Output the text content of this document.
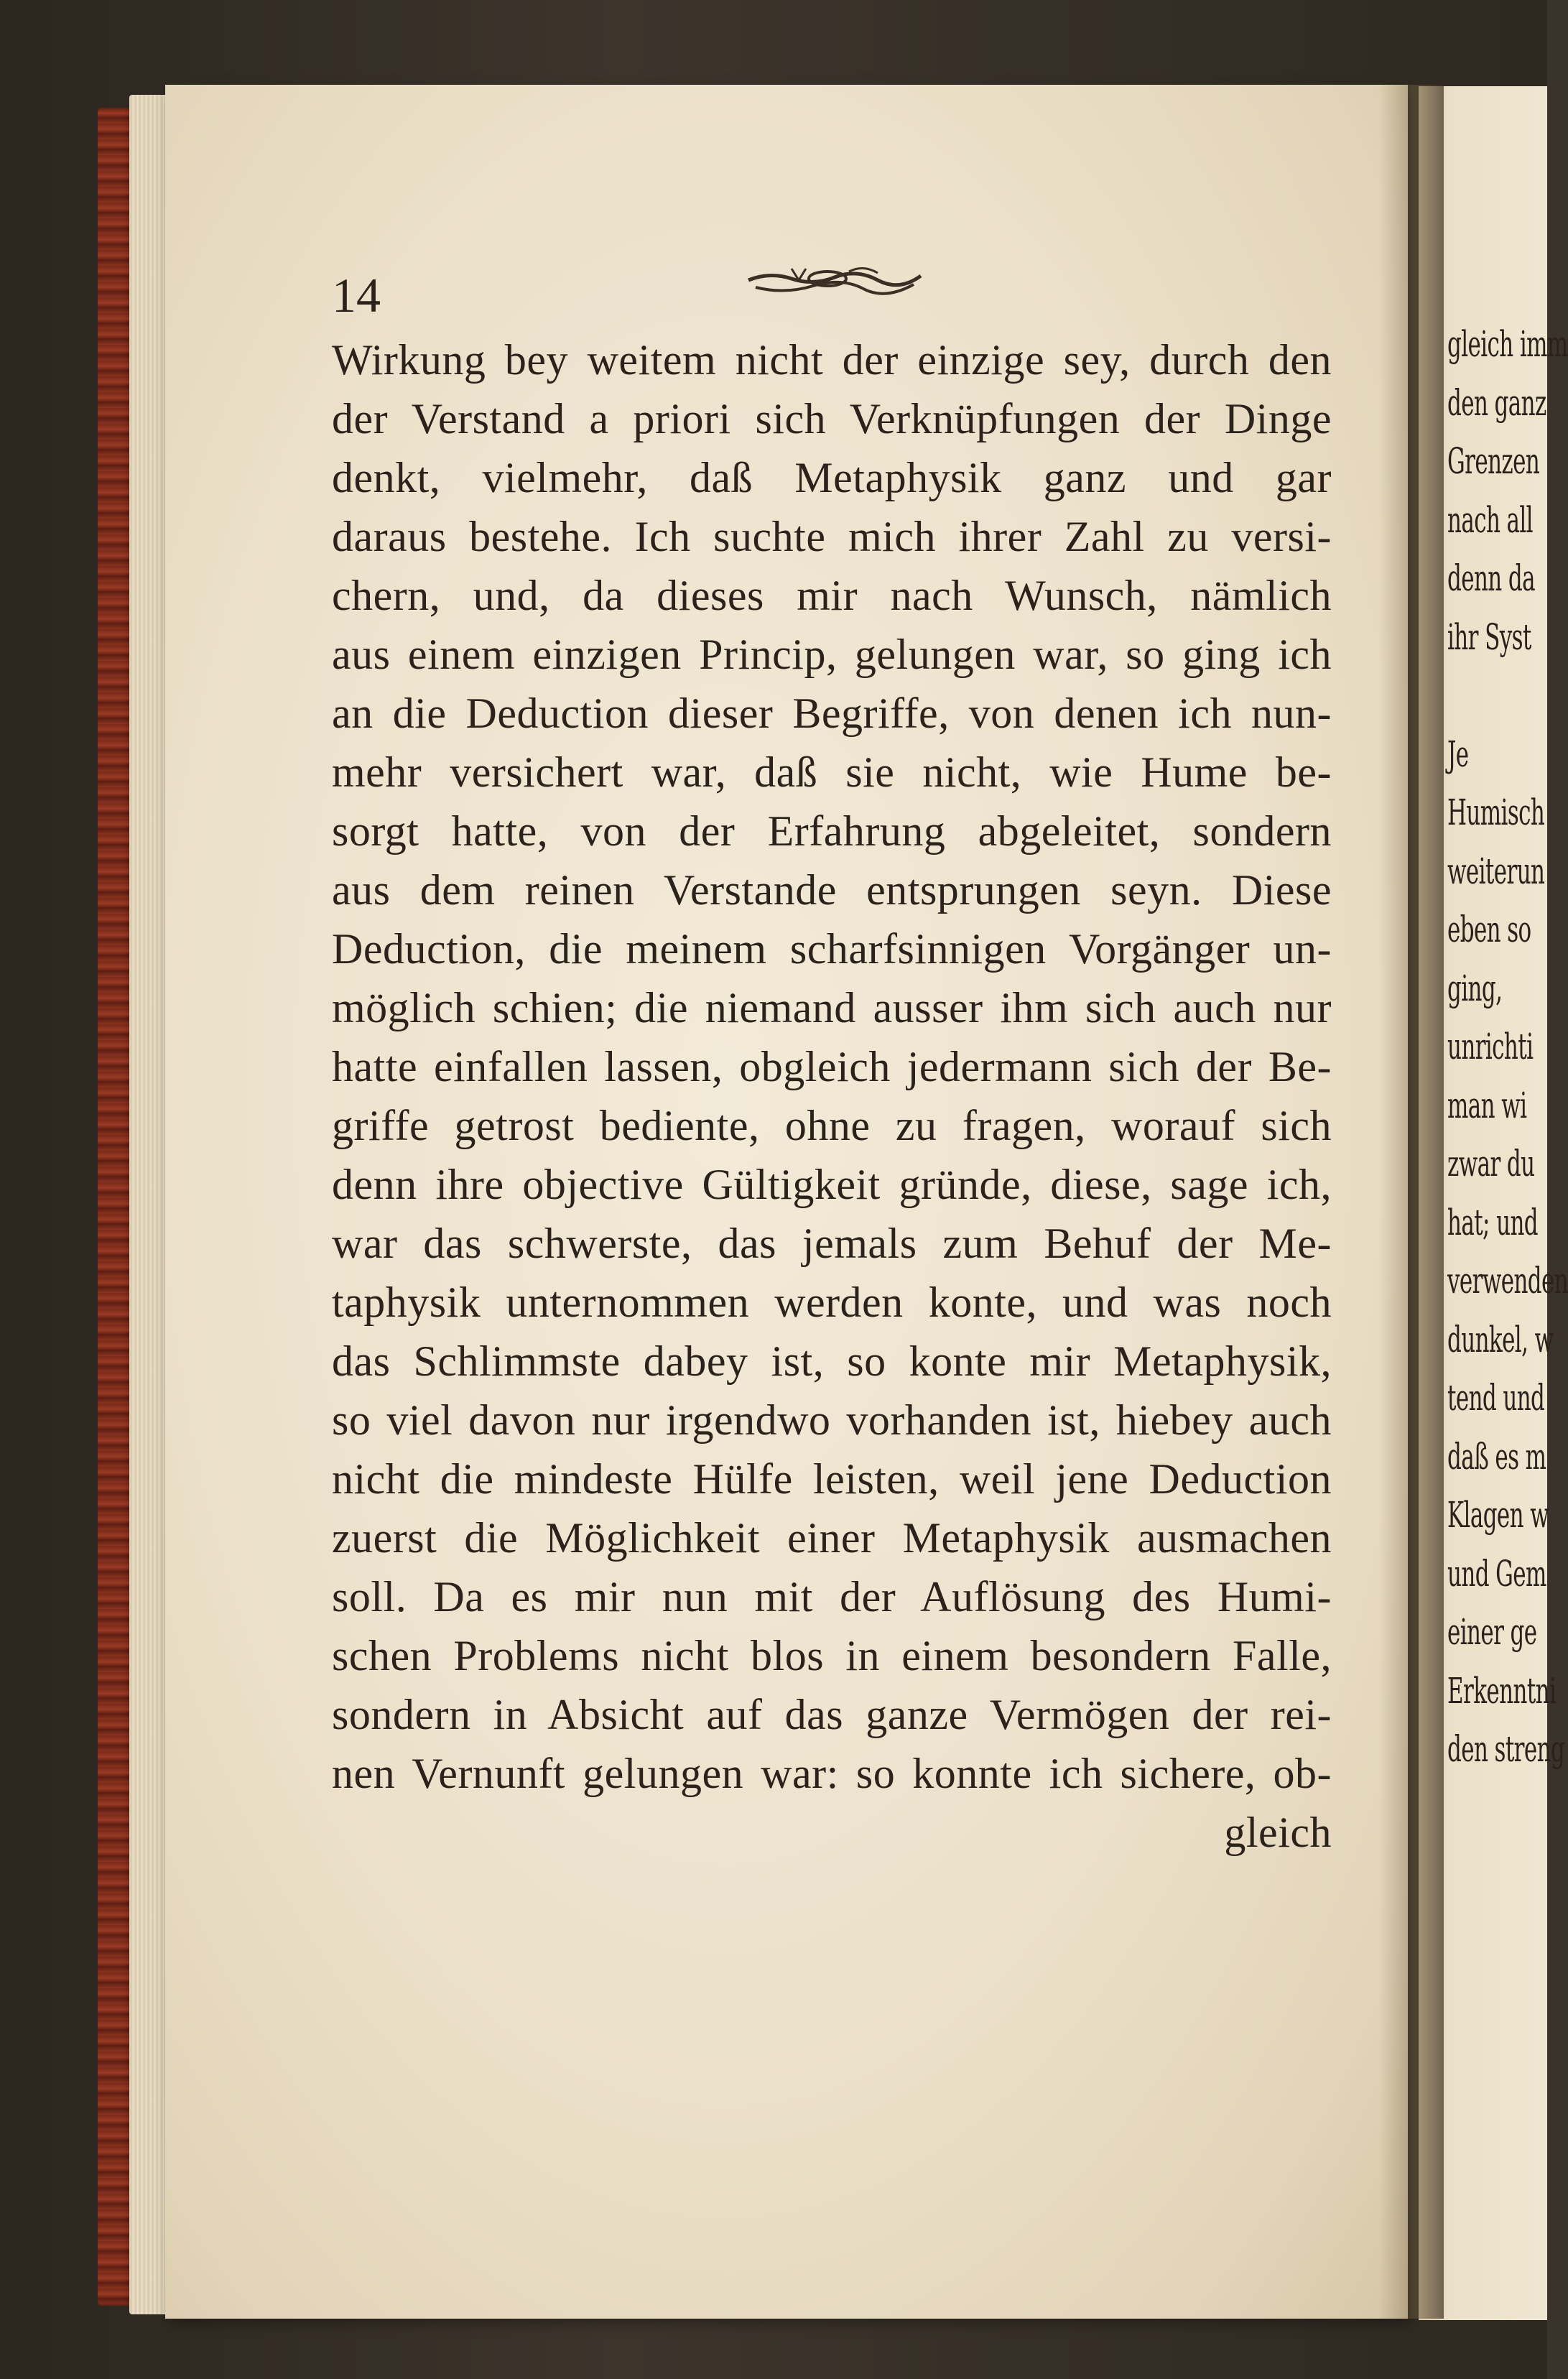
gleich imm
den ganz
Grenzen
nach all
denn da
ihr Syst
Je
Humisch
weiterun
eben so
ging,
unrichti
man wi
zwar du
hat; und
verwenden
dunkel, w
tend und
daß es m
Klagen w
und Gem
einer ge
Erkenntni
den streng
14
Wirkung bey weitem nicht der einzige sey, durch den
der Verstand a priori sich Verknüpfungen der Dinge
denkt, vielmehr, daß Metaphysik ganz und gar
daraus bestehe. Ich suchte mich ihrer Zahl zu versi-
chern, und, da dieses mir nach Wunsch, nämlich
aus einem einzigen Princip, gelungen war, so ging ich
an die Deduction dieser Begriffe, von denen ich nun-
mehr versichert war, daß sie nicht, wie Hume be-
sorgt hatte, von der Erfahrung abgeleitet, sondern
aus dem reinen Verstande entsprungen seyn. Diese
Deduction, die meinem scharfsinnigen Vorgänger un-
möglich schien; die niemand ausser ihm sich auch nur
hatte einfallen lassen, obgleich jedermann sich der Be-
griffe getrost bediente, ohne zu fragen, worauf sich
denn ihre objective Gültigkeit gründe, diese, sage ich,
war das schwerste, das jemals zum Behuf der Me-
taphysik unternommen werden konte, und was noch
das Schlimmste dabey ist, so konte mir Metaphysik,
so viel davon nur irgendwo vorhanden ist, hiebey auch
nicht die mindeste Hülfe leisten, weil jene Deduction
zuerst die Möglichkeit einer Metaphysik ausmachen
soll. Da es mir nun mit der Auflösung des Humi-
schen Problems nicht blos in einem besondern Falle,
sondern in Absicht auf das ganze Vermögen der rei-
nen Vernunft gelungen war: so konnte ich sichere, ob-
gleich
